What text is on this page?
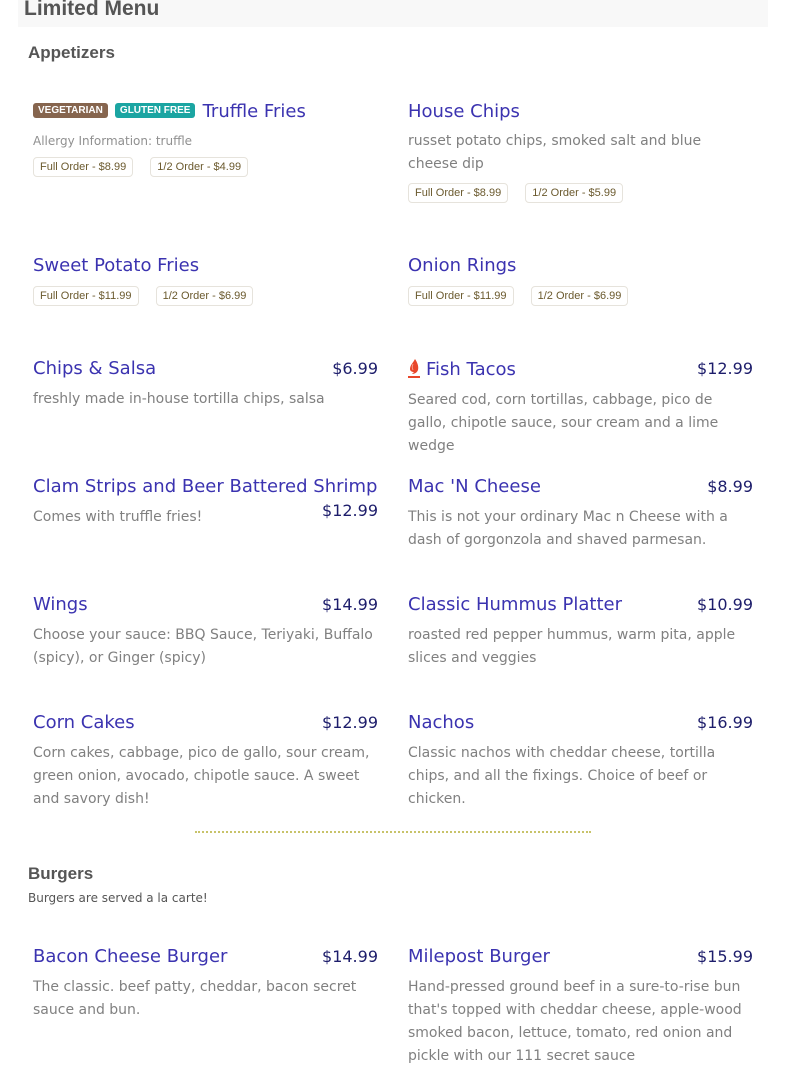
Limited Menu
Appetizers
VEGETARIAN GLUTEN FREE Truffle Fries
Allergy Information: truffle
Full Order - $8.99	1/2 Order - $4.99
House Chips
russet potato chips, smoked salt and blue cheese dip
Full Order - $8.99	1/2 Order - $5.99
Sweet Potato Fries
Full Order - $11.99	1/2 Order - $6.99
Onion Rings
Full Order - $11.99	1/2 Order - $6.99
Chips & Salsa	$6.99
freshly made in-house tortilla chips, salsa
Fish Tacos	$12.99
Seared cod, corn tortillas, cabbage, pico de gallo, chipotle sauce, sour cream and a lime wedge
Clam Strips and Beer Battered Shrimp
$12.99
Comes with truffle fries!
Mac 'N Cheese	$8.99
This is not your ordinary Mac n Cheese with a dash of gorgonzola and shaved parmesan.
Wings	$14.99
Choose your sauce: BBQ Sauce, Teriyaki, Buffalo (spicy), or Ginger (spicy)
Classic Hummus Platter	$10.99
roasted red pepper hummus, warm pita, apple slices and veggies
Corn Cakes	$12.99
Corn cakes, cabbage, pico de gallo, sour cream, green onion, avocado, chipotle sauce. A sweet and savory dish!
Nachos	$16.99
Classic nachos with cheddar cheese, tortilla chips, and all the fixings. Choice of beef or chicken.
Burgers
Burgers are served a la carte!
Bacon Cheese Burger	$14.99
The classic. beef patty, cheddar, bacon secret sauce and bun.
Milepost Burger	$15.99
Hand-pressed ground beef in a sure-to-rise bun that's topped with cheddar cheese, apple-wood smoked bacon, lettuce, tomato, red onion and pickle with our 111 secret sauce
